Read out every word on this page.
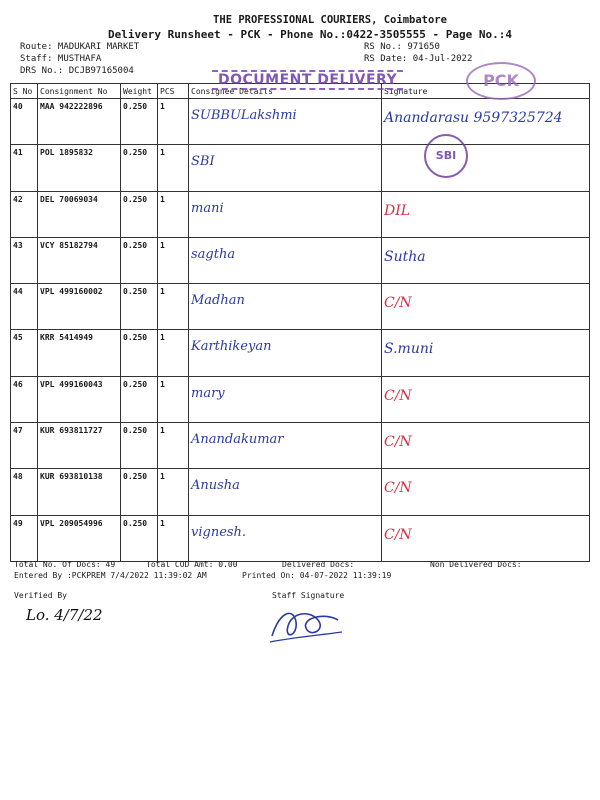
THE PROFESSIONAL COURIERS, Coimbatore
Delivery Runsheet - PCK - Phone No.:0422-3505555 - Page No.:4
Route: MADUKARI MARKET
Staff: MUSTHAFA
DRS No.: DCJB97165004
RS No.: 971650
RS Date: 04-Jul-2022
S No	Consignment No	Weight	PCS	Consignee Details	Signature
40	MAA 942222896	0.250	1	SUBBULakshmi	Anandarasu 9597325724
41	POL 1895832	0.250	1	SBI	
42	DEL 70069034	0.250	1	mani	DIL
43	VCY 85182794	0.250	1	sagtha	Sutha
44	VPL 499160002	0.250	1	Madhan	C/N
45	KRR 5414949	0.250	1	Karthikeyan	S.muni
46	VPL 499160043	0.250	1	mary	C/N
47	KUR 693811727	0.250	1	Anandakumar	C/N
48	KUR 693810138	0.250	1	Anusha	C/N
49	VPL 209054996	0.250	1	vignesh.	C/N
DOCUMENT DELIVERY	PCK
SBI
Total No. Of Docs: 49	Total COD Amt: 0.00	Delivered Docs:	Non Delivered Docs:
Entered By :PCKPREM 7/4/2022 11:39:02 AM	Printed On: 04-07-2022 11:39:19
Verified By	Staff Signature
Lo. 4/7/22
